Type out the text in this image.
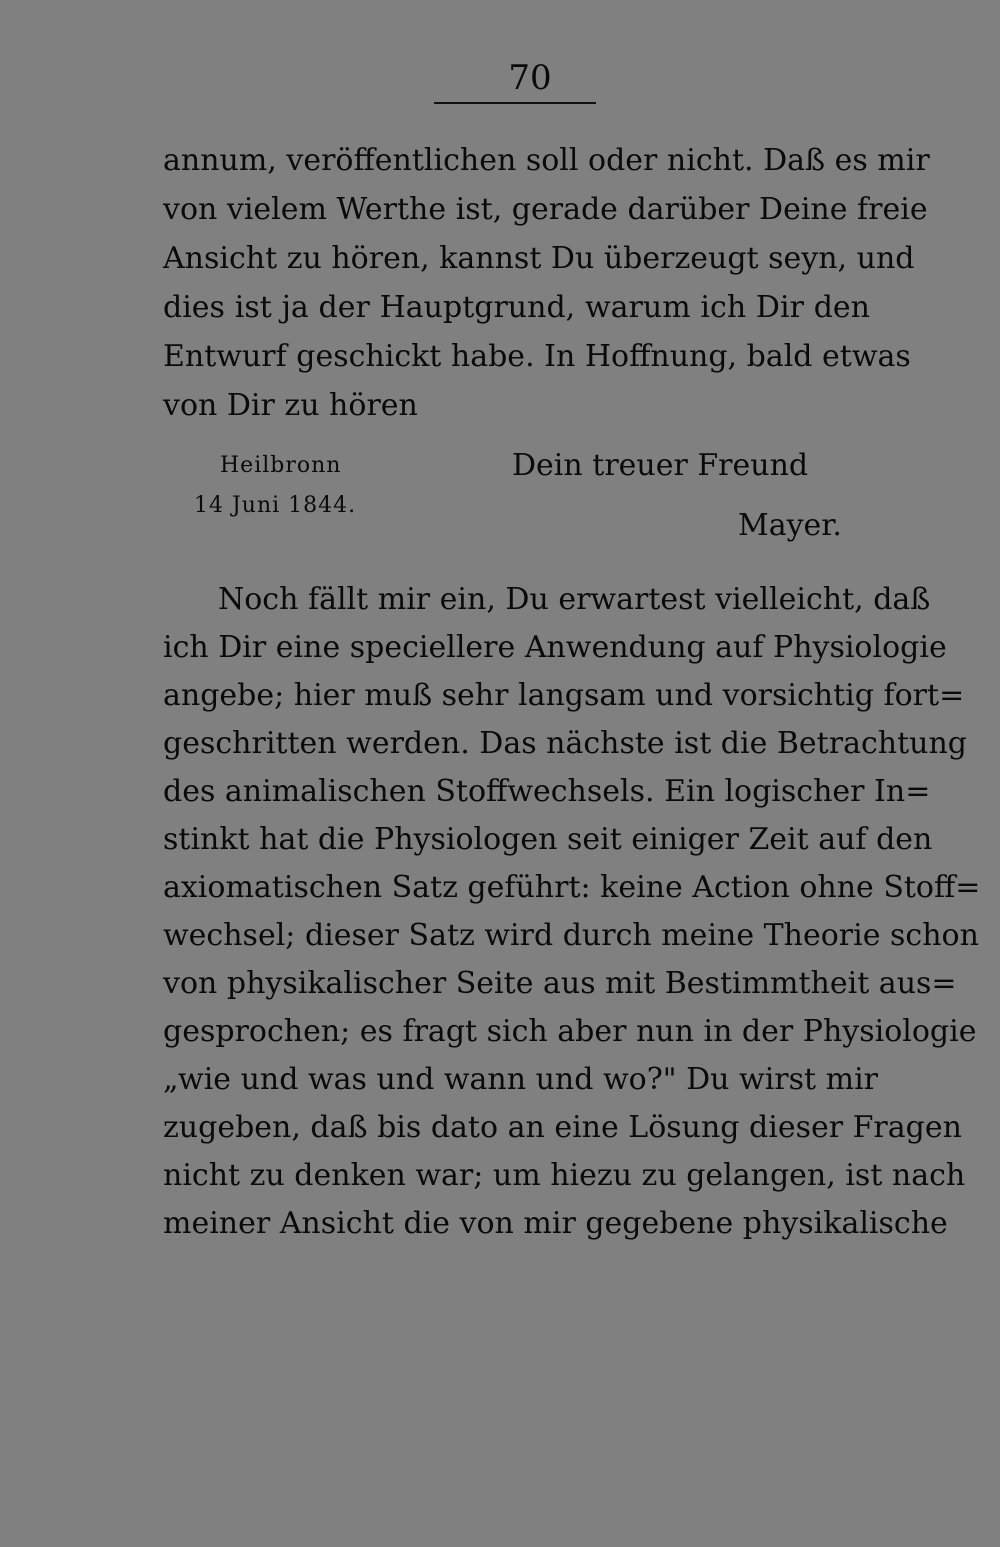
70
annum, veröffentlichen soll oder nicht. Daß es mir
von vielem Werthe ist, gerade darüber Deine freie
Ansicht zu hören, kannst Du überzeugt seyn, und
dies ist ja der Hauptgrund, warum ich Dir den
Entwurf geschickt habe. In Hoffnung, bald etwas
von Dir zu hören
Heilbronn
14 Juni 1844.
Dein treuer Freund
Mayer.
Noch fällt mir ein, Du erwartest vielleicht, daß
ich Dir eine speciellere Anwendung auf Physiologie
angebe; hier muß sehr langsam und vorsichtig fort=
geschritten werden. Das nächste ist die Betrachtung
des animalischen Stoffwechsels. Ein logischer In=
stinkt hat die Physiologen seit einiger Zeit auf den
axiomatischen Satz geführt: keine Action ohne Stoff=
wechsel; dieser Satz wird durch meine Theorie schon
von physikalischer Seite aus mit Bestimmtheit aus=
gesprochen; es fragt sich aber nun in der Physiologie
„wie und was und wann und wo?" Du wirst mir
zugeben, daß bis dato an eine Lösung dieser Fragen
nicht zu denken war; um hiezu zu gelangen, ist nach
meiner Ansicht die von mir gegebene physikalische
